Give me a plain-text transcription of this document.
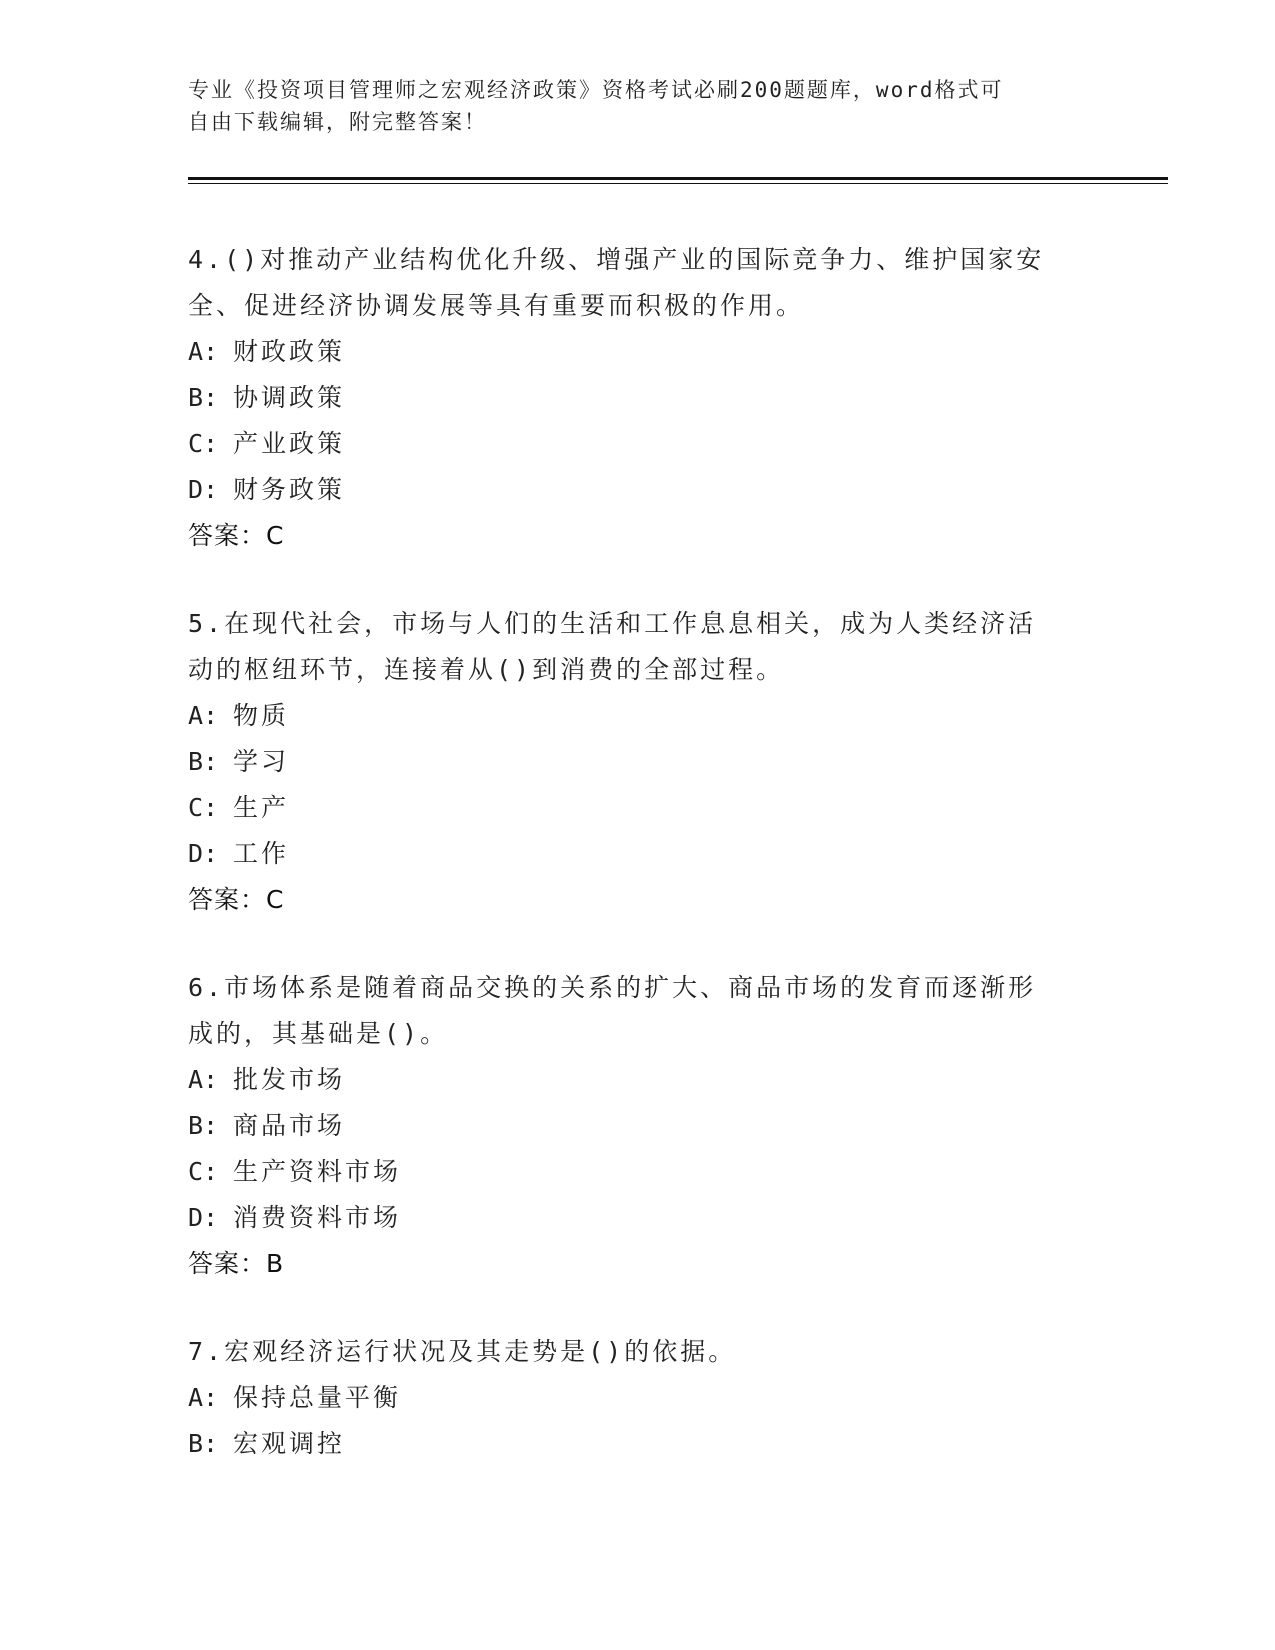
专业《投资项目管理师之宏观经济政策》资格考试必刷200题题库，word格式可
自由下载编辑，附完整答案！
4.()对推动产业结构优化升级、增强产业的国际竞争力、维护国家安
全、促进经济协调发展等具有重要而积极的作用。
A: 财政政策
B: 协调政策
C: 产业政策
D: 财务政策
答案：C
5.在现代社会，市场与人们的生活和工作息息相关，成为人类经济活
动的枢纽环节，连接着从()到消费的全部过程。
A: 物质
B: 学习
C: 生产
D: 工作
答案：C
6.市场体系是随着商品交换的关系的扩大、商品市场的发育而逐渐形
成的，其基础是()。
A: 批发市场
B: 商品市场
C: 生产资料市场
D: 消费资料市场
答案：B
7.宏观经济运行状况及其走势是()的依据。
A: 保持总量平衡
B: 宏观调控
